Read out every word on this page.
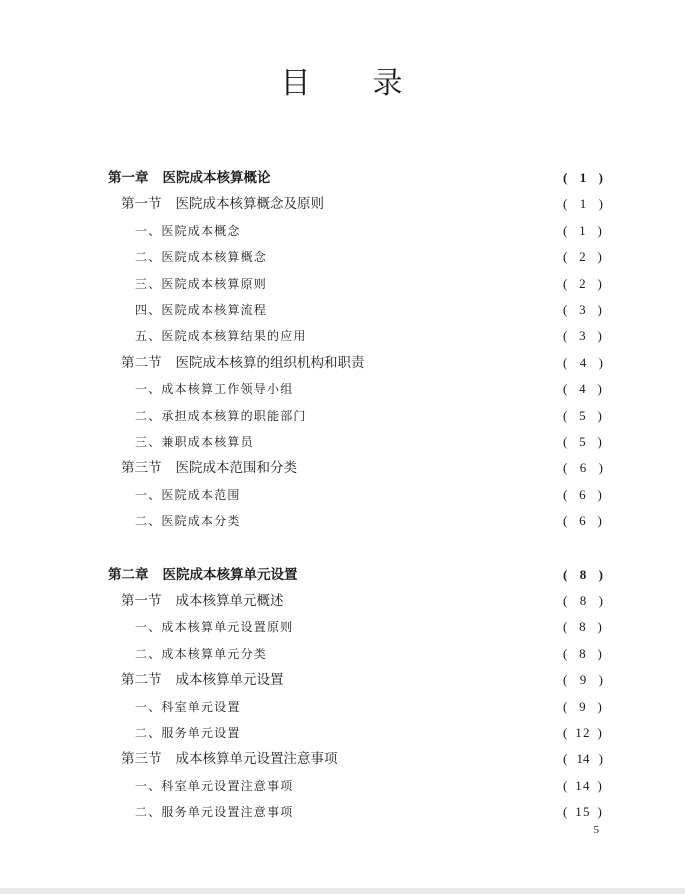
目 录
第一章 医院成本核算概论	( 1 )
第一节 医院成本核算概念及原则	( 1 )
一、医院成本概念	( 1 )
二、医院成本核算概念	( 2 )
三、医院成本核算原则	( 2 )
四、医院成本核算流程	( 3 )
五、医院成本核算结果的应用	( 3 )
第二节 医院成本核算的组织机构和职责	( 4 )
一、成本核算工作领导小组	( 4 )
二、承担成本核算的职能部门	( 5 )
三、兼职成本核算员	( 5 )
第三节 医院成本范围和分类	( 6 )
一、医院成本范围	( 6 )
二、医院成本分类	( 6 )
第二章 医院成本核算单元设置	( 8 )
第一节 成本核算单元概述	( 8 )
一、成本核算单元设置原则	( 8 )
二、成本核算单元分类	( 8 )
第二节 成本核算单元设置	( 9 )
一、科室单元设置	( 9 )
二、服务单元设置	( 12 )
第三节 成本核算单元设置注意事项	( 14 )
一、科室单元设置注意事项	( 14 )
二、服务单元设置注意事项	( 15 )
5
